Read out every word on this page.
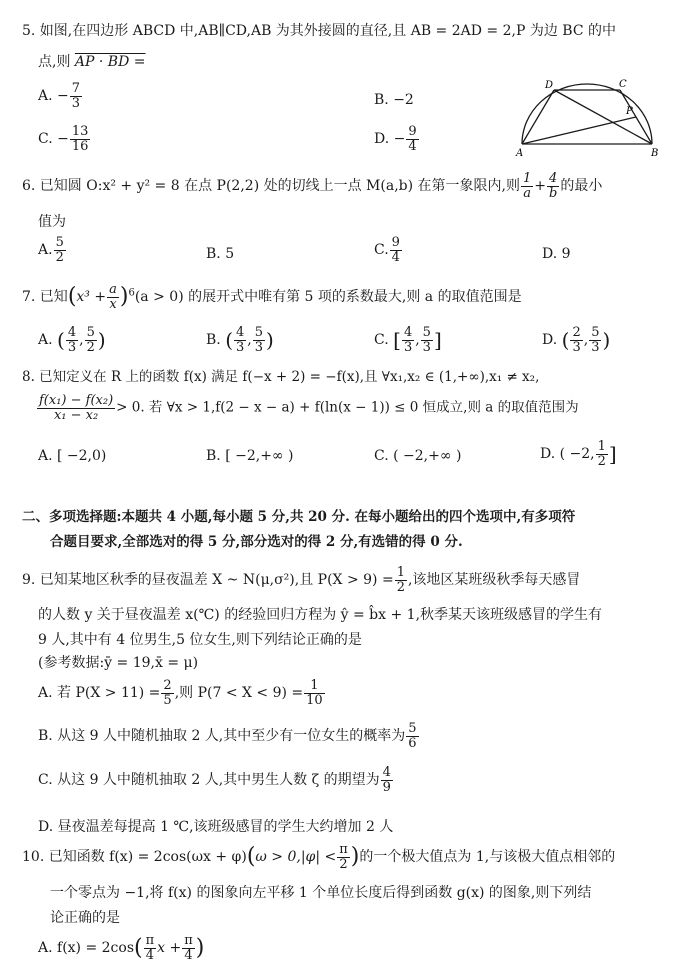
5. 如图,在四边形 ABCD 中,AB∥CD,AB 为其外接圆的直径,且 AB = 2AD = 2,P 为边 BC 的中
点,则 AP · BD =
A. − $\frac{7}{3}$	B. −2
C. − $\frac{13}{16}$	D. − $\frac{9}{4}$
A	B
C
D
P
6. 已知圆 O:x² + y² = 8 在点 P(2,2) 处的切线上一点 M(a,b) 在第一象限内,则 $\frac{1}{a} + \frac{4}{b}$ 的最小
值为
A. $\frac{5}{2}$	B. 5	C. $\frac{9}{4}$	D. 9
7. 已知$(x^3 + \frac{a}{x} )^6(a > 0)$ 的展开式中唯有第 5 项的系数最大,则 a 的取值范围是
A. ( $\frac{4}{3}$ , $\frac{5}{2}$ )	B. ( $\frac{4}{3}$ , $\frac{5}{3}$ )	C. [ $\frac{4}{3}$ , $\frac{5}{3}$ ]	D. ( $\frac{2}{3}$ , $\frac{5}{3}$ )
8. 已知定义在 R 上的函数 f(x) 满足 f(−x + 2) = −f(x),且 ∀x₁,x₂ ∈ (1,+∞),x₁ ≠ x₂,
$\frac{\text{f(x₁) − f(x₂)}}{\text{x₁ − x₂}} > 0$. 若 ∀x > 1,f(2 − x − a) + f(ln(x − 1)) ≤ 0 恒成立,则 a 的取值范围为
A. [ −2,0)	B. [ −2,+∞ )	C. ( −2,+∞ )	D. ( −2, $\frac{1}{2}$ ]
二、多项选择题:本题共 4 小题,每小题 5 分,共 20 分. 在每小题给出的四个选项中,有多项符
合题目要求,全部选对的得 5 分,部分选对的得 2 分,有选错的得 0 分.
9. 已知某地区秋季的昼夜温差 X ~ N(μ,σ²),且 $P(X > 9) = \frac{1}{2}$ ,该地区某班级秋季每天感冒
的人数 y 关于昼夜温差 x(℃) 的经验回归方程为 ŷ = b̂x + 1,秋季某天该班级感冒的学生有
9 人,其中有 4 位男生,5 位女生,则下列结论正确的是
(参考数据:ȳ = 19,x̄ = μ)
A. 若 $P(X > 11) = \frac{2}{5}$ ,则 $P(7 < X < 9) = \frac{1}{10}$
B. 从这 9 人中随机抽取 2 人,其中至少有一位女生的概率为 $\frac{5}{6}$
C. 从这 9 人中随机抽取 2 人,其中男生人数 ζ 的期望为 $\frac{4}{9}$
D. 昼夜温差每提高 1 ℃,该班级感冒的学生大约增加 2 人
10. 已知函数 $f(x) = 2\cos(\omega x + \varphi)(\omega > 0,|\varphi| < \frac{\pi}{2}$ )的一个极大值点为 1,与该极大值点相邻的
一个零点为 −1,将 f(x) 的图象向左平移 1 个单位长度后得到函数 g(x) 的图象,则下列结
论正确的是
A. $f(x) = 2\cos( \frac{\pi}{4}$ $x + \frac{\pi}{4}$ )
